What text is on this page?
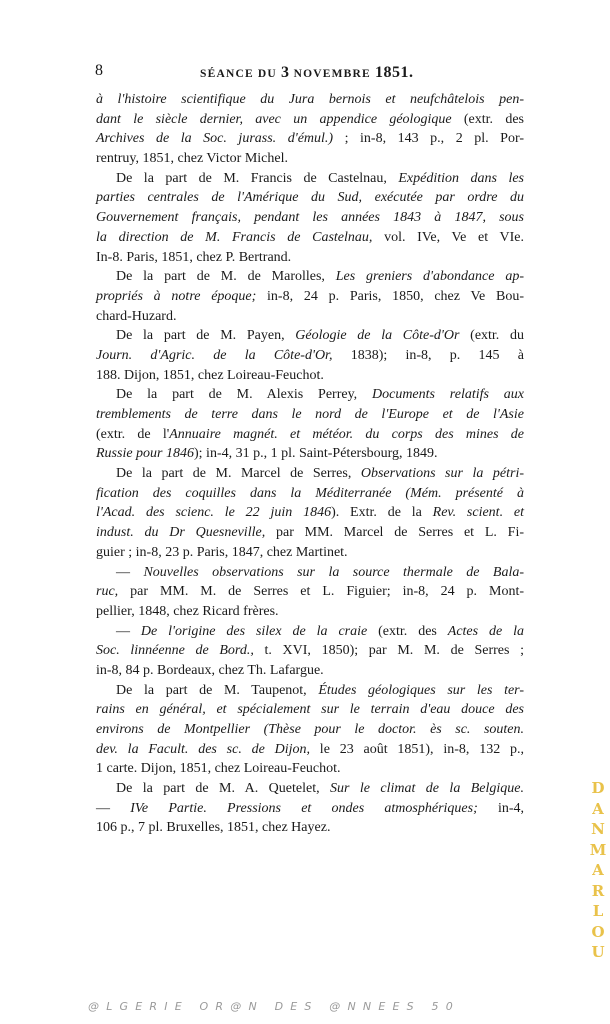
8	SÉANCE DU 3 NOVEMBRE 1851.
à l'histoire scientifique du Jura bernois et neufchâtelois pen-
dant le siècle dernier, avec un appendice géologique (extr. des
Archives de la Soc. jurass. d'émul.) ; in-8, 143 p., 2 pl. Por-
rentruy, 1851, chez Victor Michel.
De la part de M. Francis de Castelnau, Expédition dans les
parties centrales de l'Amérique du Sud, exécutée par ordre du
Gouvernement français, pendant les années 1843 à 1847, sous
la direction de M. Francis de Castelnau, vol. IVe, Ve et VIe.
In-8. Paris, 1851, chez P. Bertrand.
De la part de M. de Marolles, Les greniers d'abondance ap-
propriés à notre époque; in-8, 24 p. Paris, 1850, chez Ve Bou-
chard-Huzard.
De la part de M. Payen, Géologie de la Côte-d'Or (extr. du
Journ. d'Agric. de la Côte-d'Or, 1838); in-8, p. 145 à
188. Dijon, 1851, chez Loireau-Feuchot.
De la part de M. Alexis Perrey, Documents relatifs aux
tremblements de terre dans le nord de l'Europe et de l'Asie
(extr. de l'Annuaire magnét. et météor. du corps des mines de
Russie pour 1846); in-4, 31 p., 1 pl. Saint-Pétersbourg, 1849.
De la part de M. Marcel de Serres, Observations sur la pétri-
fication des coquilles dans la Méditerranée (Mém. présenté à
l'Acad. des scienc. le 22 juin 1846). Extr. de la Rev. scient. et
indust. du Dr Quesneville, par MM. Marcel de Serres et L. Fi-
guier ; in-8, 23 p. Paris, 1847, chez Martinet.
— Nouvelles observations sur la source thermale de Bala-
ruc, par MM. M. de Serres et L. Figuier; in-8, 24 p. Mont-
pellier, 1848, chez Ricard frères.
— De l'origine des silex de la craie (extr. des Actes de la
Soc. linnéenne de Bord., t. XVI, 1850); par M. M. de Serres ;
in-8, 84 p. Bordeaux, chez Th. Lafargue.
De la part de M. Taupenot, Études géologiques sur les ter-
rains en général, et spécialement sur le terrain d'eau douce des
environs de Montpellier (Thèse pour le doctor. ès sc. souten.
dev. la Facult. des sc. de Dijon, le 23 août 1851), in-8, 132 p.,
1 carte. Dijon, 1851, chez Loireau-Feuchot.
De la part de M. A. Quetelet, Sur le climat de la Belgique.
— IVe Partie. Pressions et ondes atmosphériques; in-4,
106 p., 7 pl. Bruxelles, 1851, chez Hayez.
D
A
N
M
A
R
L
O
U
@LGERIE OR@N DES @NNEES 50
